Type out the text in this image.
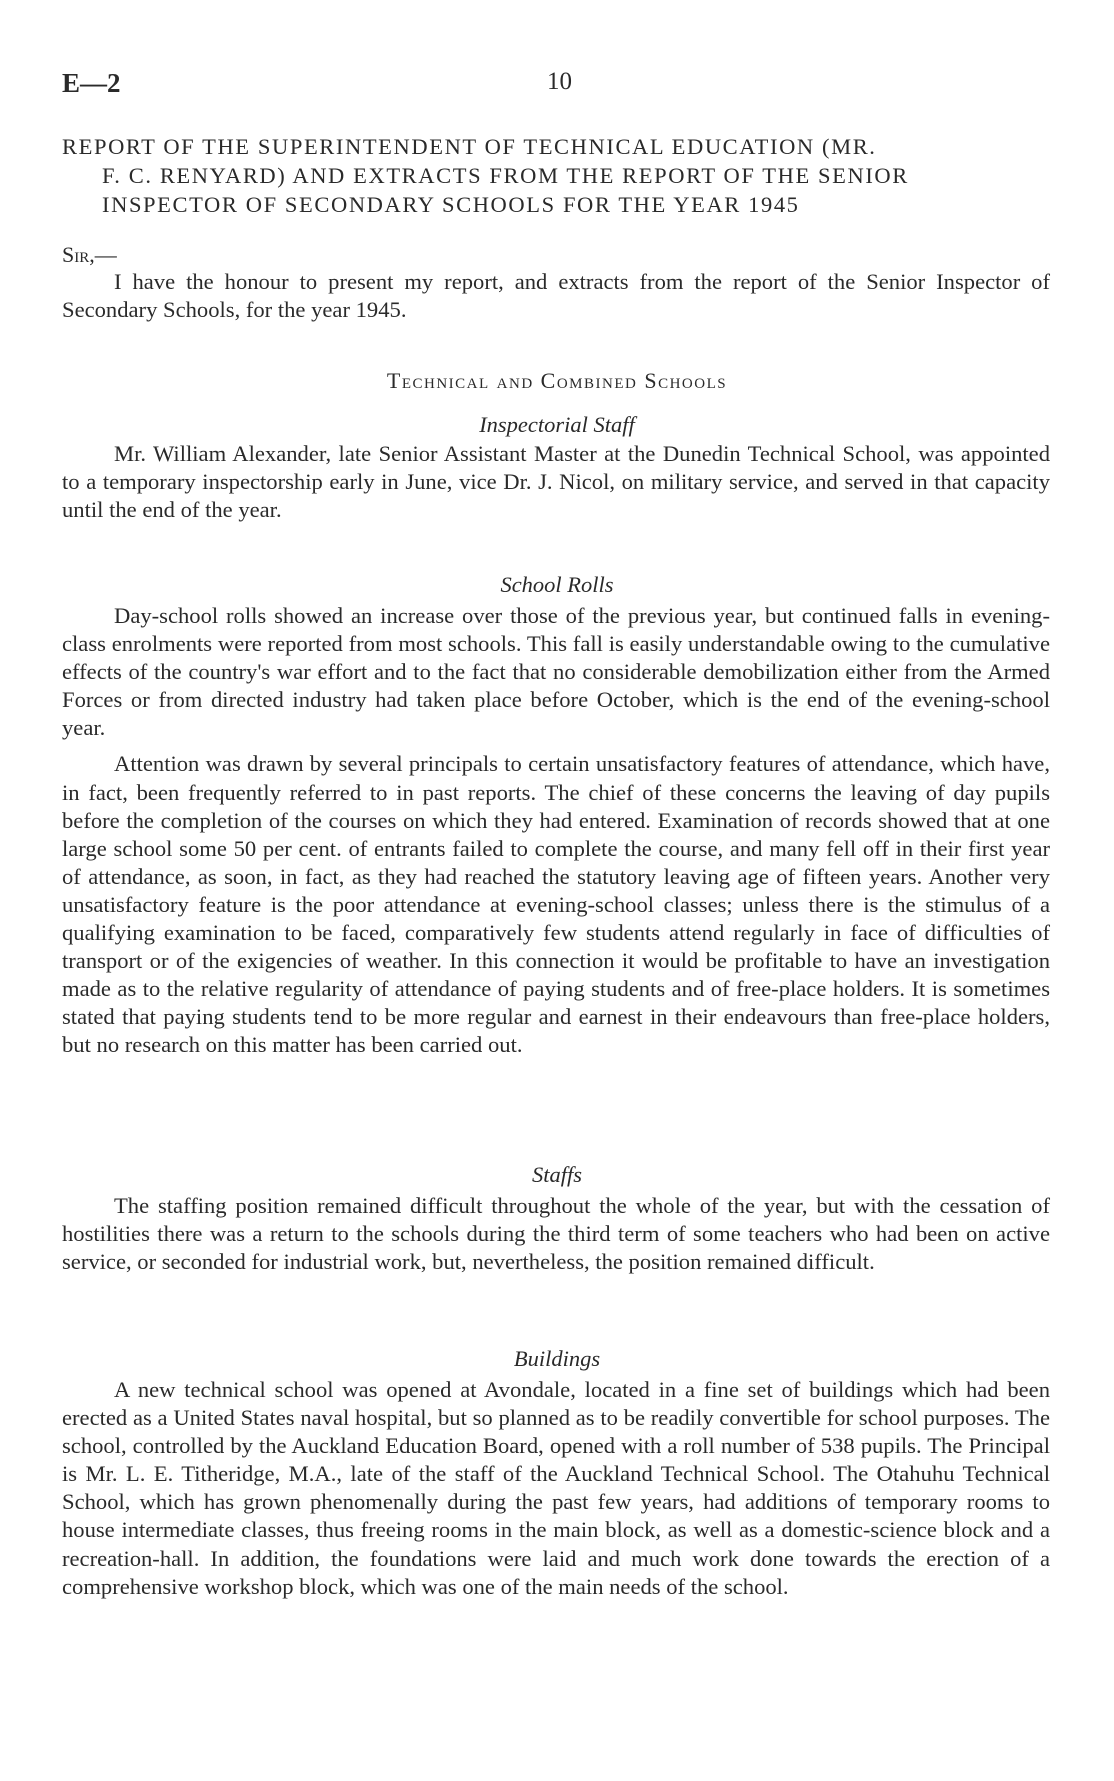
E—2	10
REPORT OF THE SUPERINTENDENT OF TECHNICAL EDUCATION (MR.
F. C. RENYARD) AND EXTRACTS FROM THE REPORT OF THE SENIOR
INSPECTOR OF SECONDARY SCHOOLS FOR THE YEAR 1945
Sir,—

I have the honour to present my report, and extracts from the report of the Senior Inspector of Secondary Schools, for the year 1945.

Technical and Combined Schools
Inspectorial Staff

Mr. William Alexander, late Senior Assistant Master at the Dunedin Technical School, was appointed to a temporary inspectorship early in June, vice Dr. J. Nicol, on military service, and served in that capacity until the end of the year.

School Rolls

Day-school rolls showed an increase over those of the previous year, but continued falls in evening-class enrolments were reported from most schools. This fall is easily understandable owing to the cumulative effects of the country's war effort and to the fact that no considerable demobilization either from the Armed Forces or from directed industry had taken place before October, which is the end of the evening-school year.

Attention was drawn by several principals to certain unsatisfactory features of attendance, which have, in fact, been frequently referred to in past reports. The chief of these concerns the leaving of day pupils before the completion of the courses on which they had entered. Examination of records showed that at one large school some 50 per cent. of entrants failed to complete the course, and many fell off in their first year of attendance, as soon, in fact, as they had reached the statutory leaving age of fifteen years. Another very unsatisfactory feature is the poor attendance at evening-school classes; unless there is the stimulus of a qualifying examination to be faced, comparatively few students attend regularly in face of difficulties of transport or of the exigencies of weather. In this connection it would be profitable to have an investigation made as to the relative regularity of attendance of paying students and of free-place holders. It is sometimes stated that paying students tend to be more regular and earnest in their endeavours than free-place holders, but no research on this matter has been carried out.

Staffs

The staffing position remained difficult throughout the whole of the year, but with the cessation of hostilities there was a return to the schools during the third term of some teachers who had been on active service, or seconded for industrial work, but, nevertheless, the position remained difficult.

Buildings

A new technical school was opened at Avondale, located in a fine set of buildings which had been erected as a United States naval hospital, but so planned as to be readily convertible for school purposes. The school, controlled by the Auckland Education Board, opened with a roll number of 538 pupils. The Principal is Mr. L. E. Titheridge, M.A., late of the staff of the Auckland Technical School. The Otahuhu Technical School, which has grown phenomenally during the past few years, had additions of temporary rooms to house intermediate classes, thus freeing rooms in the main block, as well as a domestic-science block and a recreation-hall. In addition, the foundations were laid and much work done towards the erection of a comprehensive workshop block, which was one of the main needs of the school.
